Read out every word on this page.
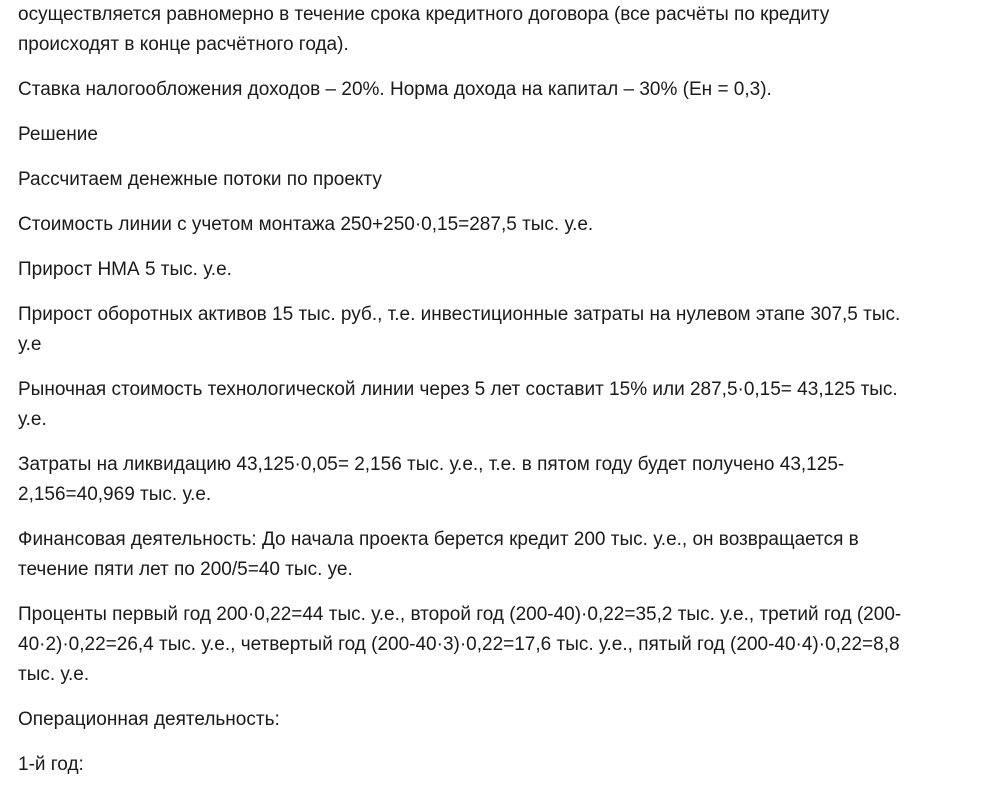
осуществляется равномерно в течение срока кредитного договора (все расчёты по кредиту
происходят в конце расчётного года).
Ставка налогообложения доходов – 20%. Норма дохода на капитал – 30% (Ен = 0,3).
Решение
Рассчитаем денежные потоки по проекту
Стоимость линии с учетом монтажа 250+250·0,15=287,5 тыс. у.е.
Прирост НМА 5 тыс. у.е.
Прирост оборотных активов 15 тыс. руб., т.е. инвестиционные затраты на нулевом этапе 307,5 тыс.
у.е
Рыночная стоимость технологической линии через 5 лет составит 15% или 287,5·0,15= 43,125 тыс.
у.е.
Затраты на ликвидацию 43,125·0,05= 2,156 тыс. у.е., т.е. в пятом году будет получено 43,125-
2,156=40,969 тыс. у.е.
Финансовая деятельность: До начала проекта берется кредит 200 тыс. у.е., он возвращается в
течение пяти лет по 200/5=40 тыс. уе.
Проценты первый год 200·0,22=44 тыс. у.е., второй год (200-40)·0,22=35,2 тыс. у.е., третий год (200-
40·2)·0,22=26,4 тыс. у.е., четвертый год (200-40·3)·0,22=17,6 тыс. у.е., пятый год (200-40·4)·0,22=8,8
тыс. у.е.
Операционная деятельность:
1-й год:
